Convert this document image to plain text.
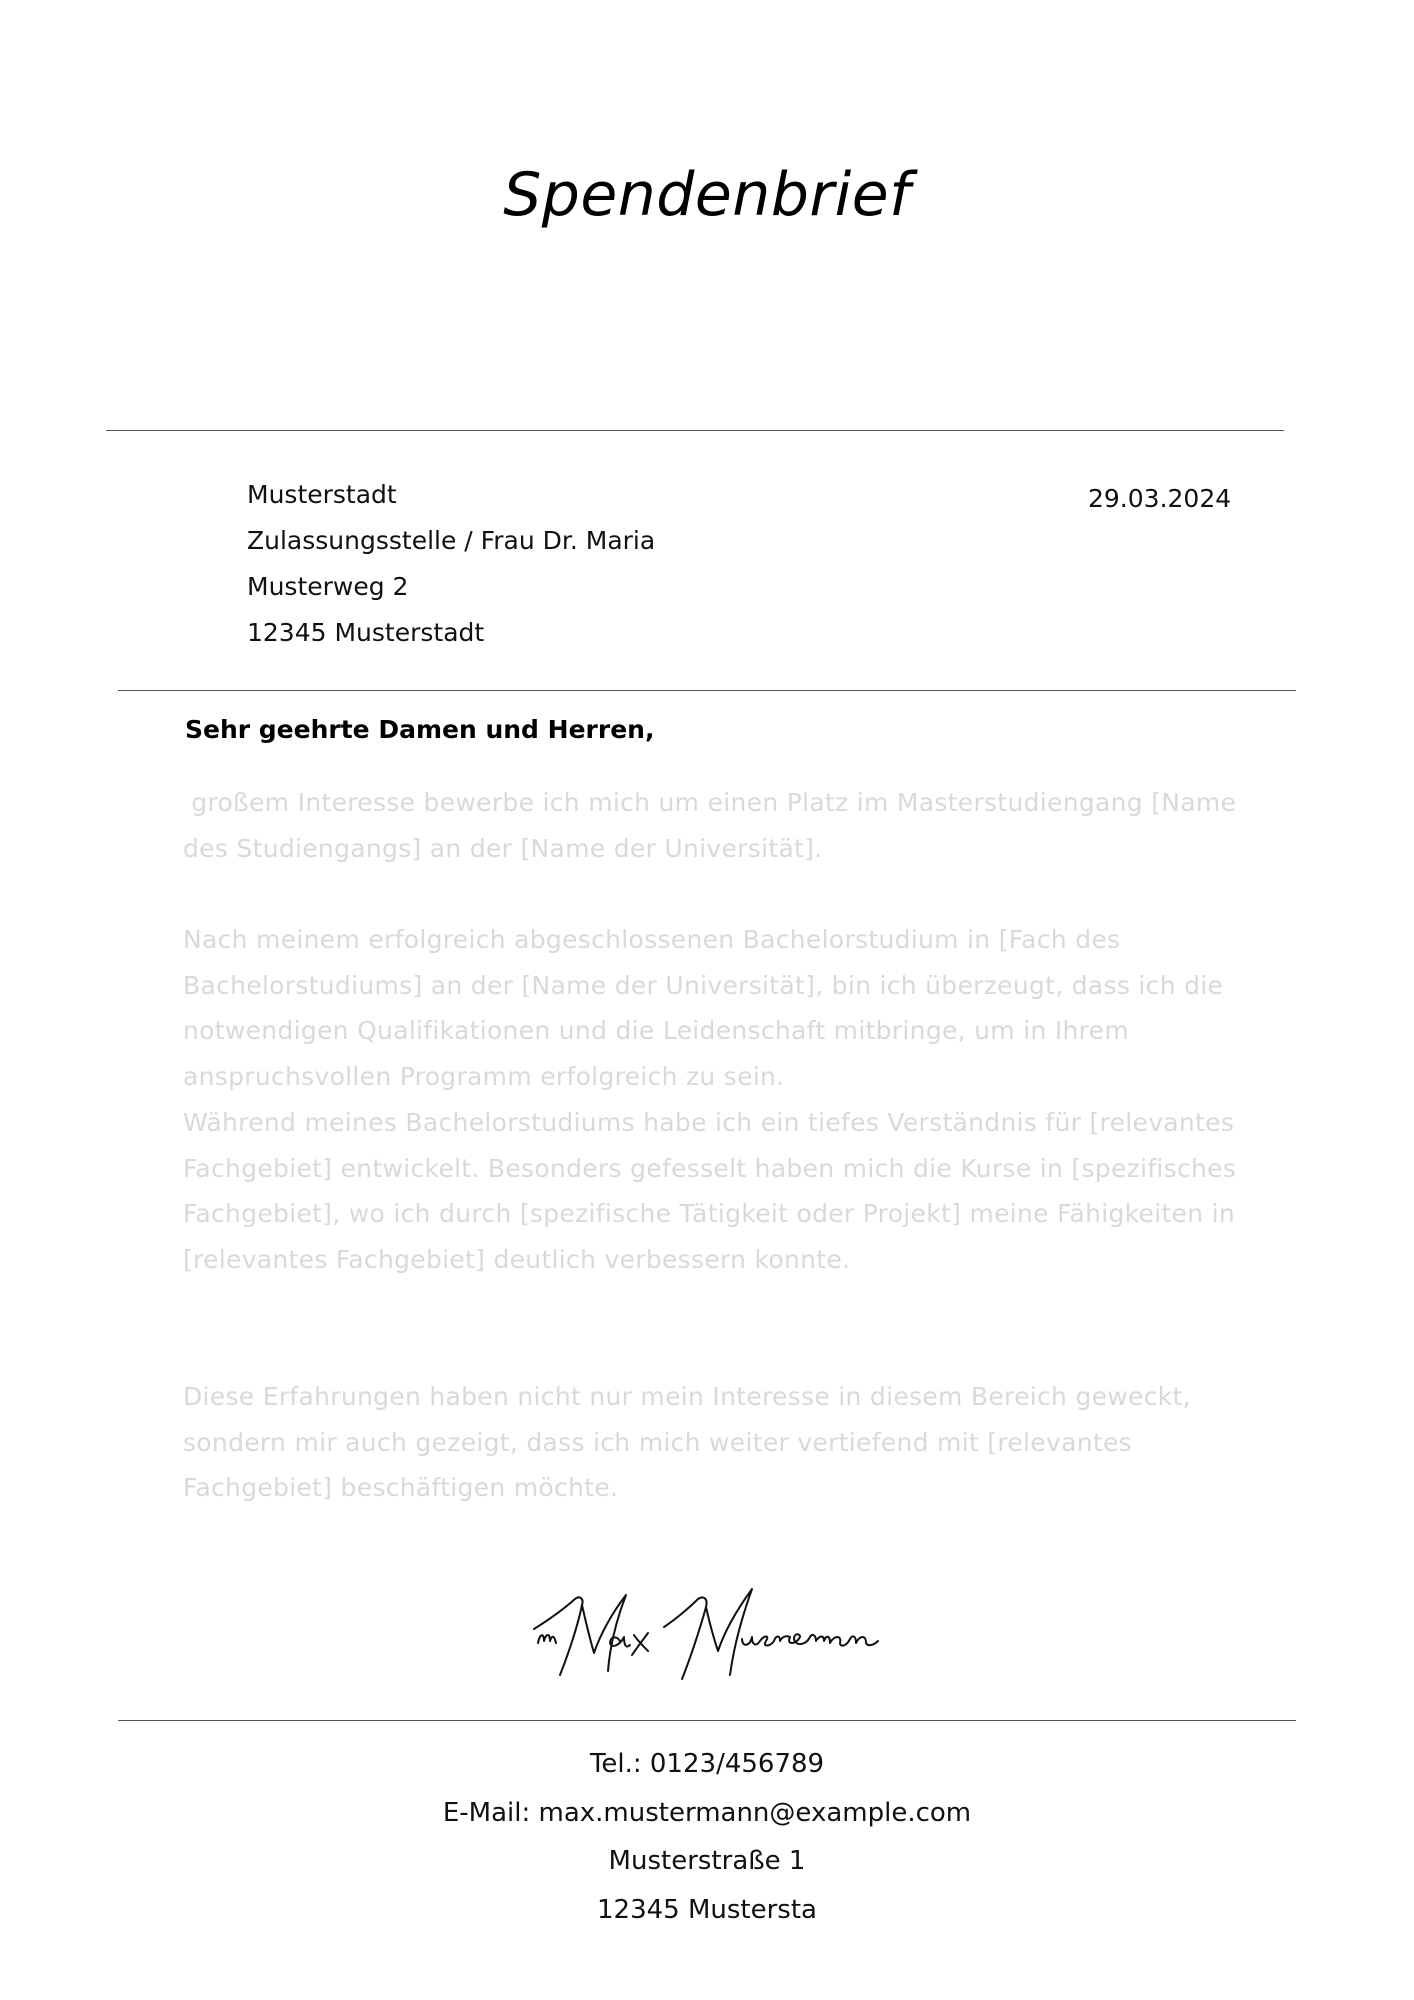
Spendenbrief
Musterstadt
Zulassungsstelle / Frau Dr. Maria
Musterweg 2
12345 Musterstadt
29.03.2024
Sehr geehrte Damen und Herren,
großem Interesse bewerbe ich mich um einen Platz im Masterstudiengang [Name
des Studiengangs] an der [Name der Universität].
Nach meinem erfolgreich abgeschlossenen Bachelorstudium in [Fach des
Bachelorstudiums] an der [Name der Universität], bin ich überzeugt, dass ich die
notwendigen Qualifikationen und die Leidenschaft mitbringe, um in Ihrem
anspruchsvollen Programm erfolgreich zu sein.
Während meines Bachelorstudiums habe ich ein tiefes Verständnis für [relevantes
Fachgebiet] entwickelt. Besonders gefesselt haben mich die Kurse in [spezifisches
Fachgebiet], wo ich durch [spezifische Tätigkeit oder Projekt] meine Fähigkeiten in
[relevantes Fachgebiet] deutlich verbessern konnte.
Diese Erfahrungen haben nicht nur mein Interesse in diesem Bereich geweckt,
sondern mir auch gezeigt, dass ich mich weiter vertiefend mit [relevantes
Fachgebiet] beschäftigen möchte.
Tel.: 0123/456789
E-Mail: max.mustermann@example.com
Musterstraße 1
12345 Mustersta
